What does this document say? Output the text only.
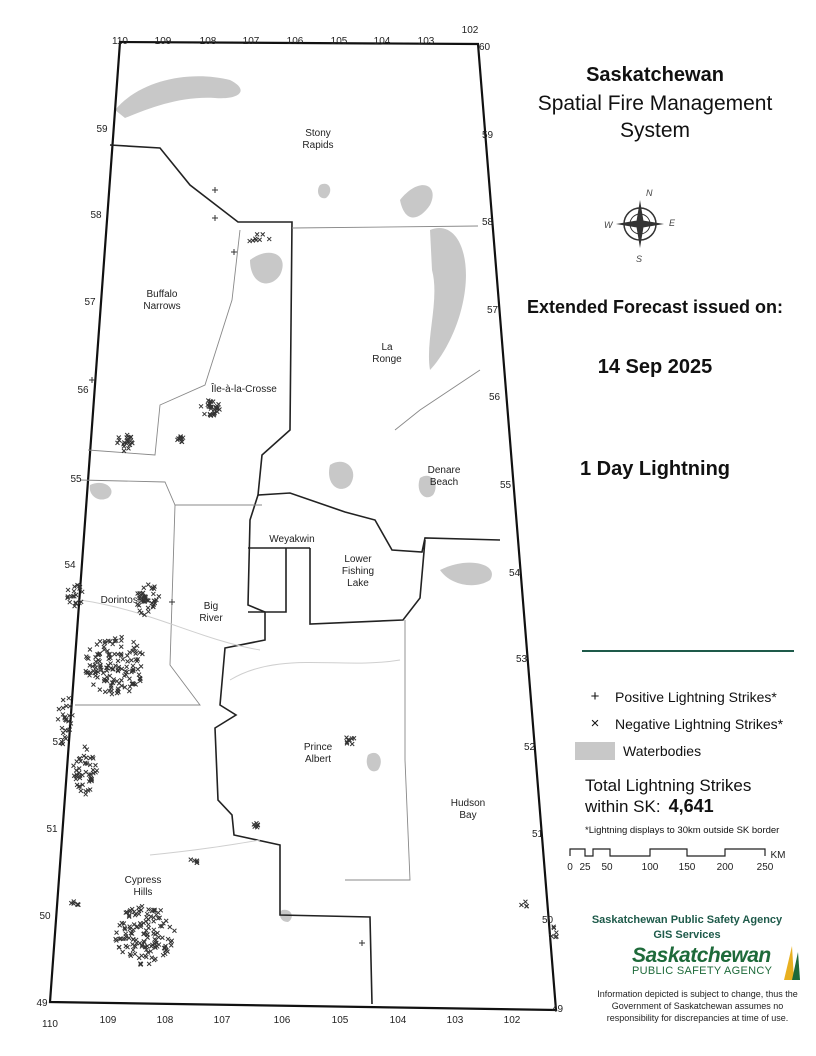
110	109	108	107	106	105	104	103
102
110	109	108	107	106	105	104	103	102
60
59
59
58
58
57
57
56
56
55
55
54
54
53
52	52
51	51
50	50
49
49
Stony Rapids
Buffalo Narrows
Île-à-la-Crosse
La Ronge
Denare Beach
Weyakwin
Lower Fishing Lake
Dorintosh
Big River
Prince Albert
Hudson Bay
Cypress Hills
Saskatchewan
Spatial Fire Management System
Extended Forecast issued on:
14 Sep 2025
1 Day Lightning
N
E
S
W
+	Positive Lightning Strikes*
×	Negative Lightning Strikes*
Waterbodies
Total Lightning Strikes
within SK: 4,641
*Lightning displays to 30km outside SK border
0 25 50	100 150 200 250
KM
Saskatchewan Public Safety Agency
GIS Services
Saskatchewan
PUBLIC SAFETY AGENCY
Information depicted is subject to change, thus the Government of Saskatchewan assumes no responsibility for discrepancies at time of use.
